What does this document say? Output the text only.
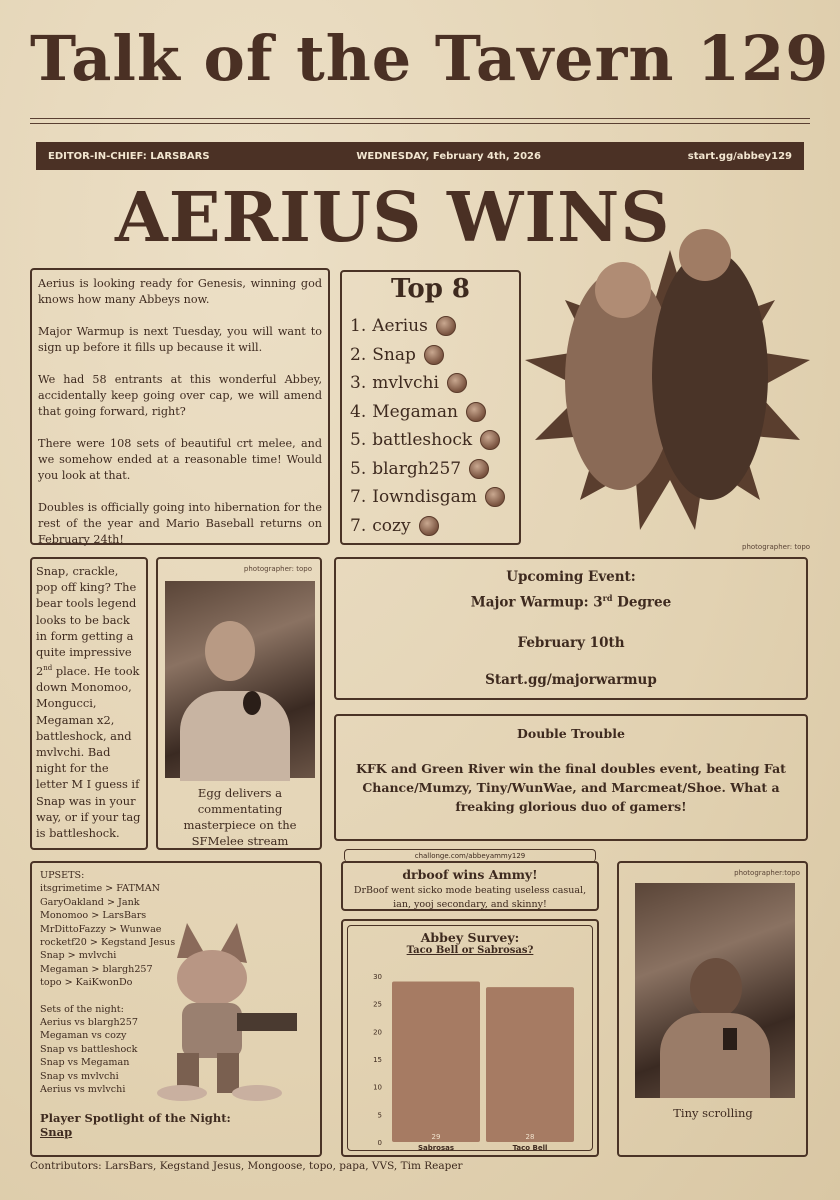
Talk of the Tavern 129
EDITOR-IN-CHIEF: LARSBARS	WEDNESDAY, February 4th, 2026	start.gg/abbey129
AERIUS WINS

Aerius is looking ready for Genesis, winning god knows how many Abbeys now.

Major Warmup is next Tuesday, you will want to sign up before it fills up because it will.

We had 58 entrants at this wonderful Abbey, accidentally keep going over cap, we will amend that going forward, right?

There were 108 sets of beautiful crt melee, and we somehow ended at a reasonable time! Would you look at that.

Doubles is officially going into hibernation for the rest of the year and Mario Baseball returns on February 24th!

Top 8
1. Aerius
2. Snap
3. mvlvchi
4. Megaman
5. battleshock
5. blargh257
7. Iowndisgam
7. cozy
photographer: topo
Snap, crackle, pop off king? The bear tools legend looks to be back in form getting a quite impressive 2nd place. He took down Monomoo, Mongucci, Megaman x2, battleshock, and mvlvchi. Bad night for the letter M I guess if Snap was in your way, or if your tag is battleshock.
photographer: topo
Egg delivers a commentating masterpiece on the SFMelee stream
Upcoming Event:
Major Warmup: 3rd Degree
February 10th
Start.gg/majorwarmup
Double Trouble
KFK and Green River win the final doubles event, beating Fat Chance/Mumzy, Tiny/WunWae, and Marcmeat/Shoe. What a freaking glorious duo of gamers!
UPSETS:
itsgrimetime > FATMAN
GaryOakland > Jank
Monomoo > LarsBars
MrDittoFazzy > Wunwae
rocketf20 > Kegstand Jesus
Snap > mvlvchi
Megaman > blargh257
topo > KaiKwonDo
Sets of the night:
Aerius vs blargh257
Megaman vs cozy
Snap vs battleshock
Snap vs Megaman
Snap vs mvlvchi
Aerius vs mvlvchi
Player Spotlight of the Night:
Snap
challonge.com/abbeyammy129
drboof wins Ammy!
DrBoof went sicko mode beating useless casual, ian, yooj secondary, and skinny!
Abbey Survey:
Taco Bell or Sabrosas?
0
5
10
15
20
25
30
29
Sabrosas
28
Taco Bell
photographer:topo
Tiny scrolling
Contributors: LarsBars, Kegstand Jesus, Mongoose, topo, papa, VVS, Tim Reaper
